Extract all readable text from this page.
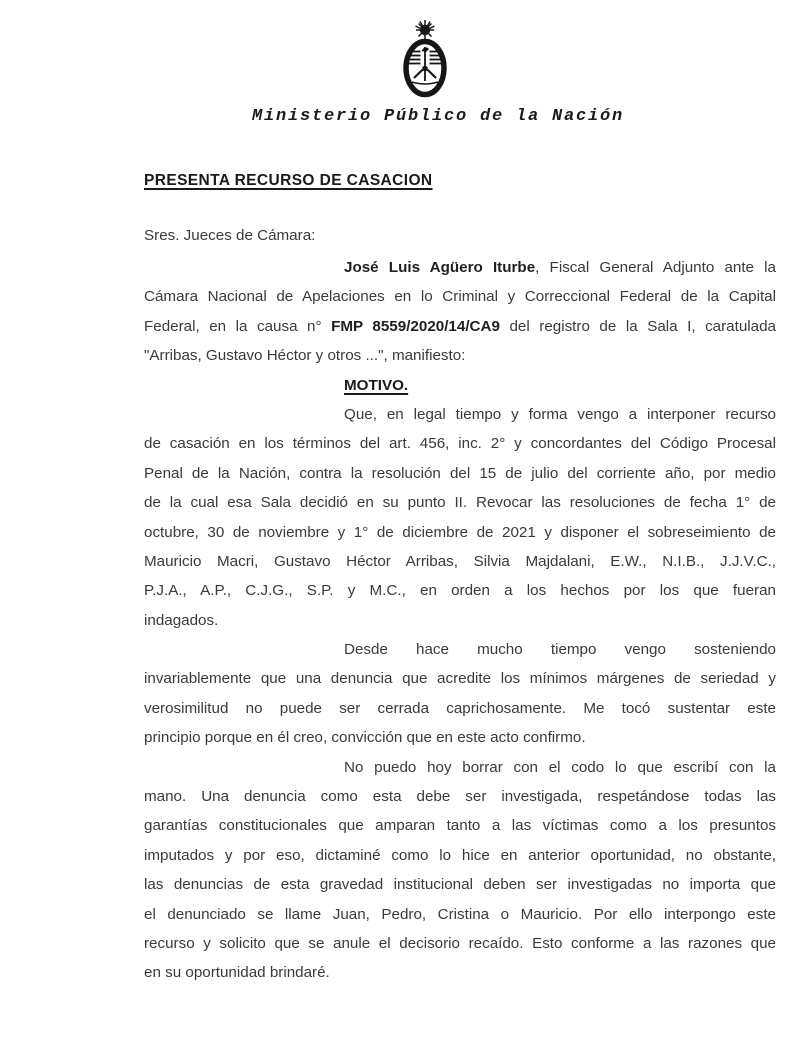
Ministerio Público de la Nación
PRESENTA RECURSO DE CASACION
Sres. Jueces de Cámara:
José Luis Agüero Iturbe, Fiscal General Adjunto ante la
Cámara Nacional de Apelaciones en lo Criminal y Correccional Federal de la Capital
Federal, en la causa n° FMP 8559/2020/14/CA9 del registro de la Sala I, caratulada
"Arribas, Gustavo Héctor y otros ...", manifiesto:
MOTIVO.
Que, en legal tiempo y forma vengo a interponer recurso
de casación en los términos del art. 456, inc. 2° y concordantes del Código Procesal
Penal de la Nación, contra la resolución del 15 de julio del corriente año, por medio
de la cual esa Sala decidió en su punto II. Revocar las resoluciones de fecha 1° de
octubre, 30 de noviembre y 1° de diciembre de 2021 y disponer el sobreseimiento de
Mauricio Macri, Gustavo Héctor Arribas, Silvia Majdalani, E.W., N.I.B., J.J.V.C.,
P.J.A., A.P., C.J.G., S.P. y M.C., en orden a los hechos por los que fueran
indagados.
Desde hace mucho tiempo vengo sosteniendo
invariablemente que una denuncia que acredite los mínimos márgenes de seriedad y
verosimilitud no puede ser cerrada caprichosamente. Me tocó sustentar este
principio porque en él creo, convicción que en este acto confirmo.
No puedo hoy borrar con el codo lo que escribí con la
mano. Una denuncia como esta debe ser investigada, respetándose todas las
garantías constitucionales que amparan tanto a las víctimas como a los presuntos
imputados y por eso, dictaminé como lo hice en anterior oportunidad, no obstante,
las denuncias de esta gravedad institucional deben ser investigadas no importa que
el denunciado se llame Juan, Pedro, Cristina o Mauricio. Por ello interpongo este
recurso y solicito que se anule el decisorio recaído. Esto conforme a las razones que
en su oportunidad brindaré.
